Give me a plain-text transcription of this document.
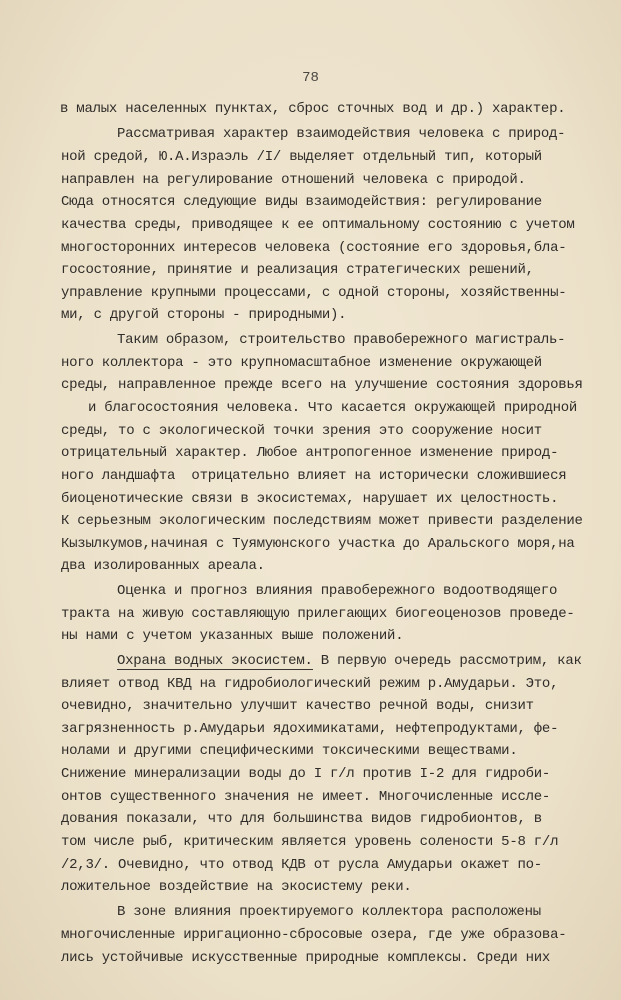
78
в малых населенных пунктах, сброс сточных вод и др.) характер.
Рассматривая характер взаимодействия человека с природ-
ной средой, Ю.А.Израэль /I/ выделяет отдельный тип, который
направлен на регулирование отношений человека с природой.
Сюда относятся следующие виды взаимодействия: регулирование
качества среды, приводящее к ее оптимальному состоянию с учетом
многосторонних интересов человека (состояние его здоровья,бла-
госостояние, принятие и реализация стратегических решений,
управление крупными процессами, с одной стороны, хозяйственны-
ми, с другой стороны - природными).
Таким образом, строительство правобережного магистраль-
ного коллектора - это крупномасштабное изменение окружающей
среды, направленное прежде всего на улучшение состояния здоровья
и благосостояния человека. Что касается окружающей природной
среды, то с экологической точки зрения это сооружение носит
отрицательный характер. Любое антропогенное изменение природ-
ного ландшафта  отрицательно влияет на исторически сложившиеся
биоценотические связи в экосистемах, нарушает их целостность.
К серьезным экологическим последствиям может привести разделение
Кызылкумов,начиная с Туямуюнского участка до Аральского моря,на
два изолированных ареала.
Оценка и прогноз влияния правобережного водоотводящего
тракта на живую составляющую прилегающих биогеоценозов проведе-
ны нами с учетом указанных выше положений.
Охрана водных экосистем. В первую очередь рассмотрим, как
влияет отвод КВД на гидробиологический режим р.Амударьи. Это,
очевидно, значительно улучшит качество речной воды, снизит
загрязненность р.Амударьи ядохимикатами, нефтепродуктами, фе-
нолами и другими специфическими токсическими веществами.
Снижение минерализации воды до I г/л против I-2 для гидроби-
онтов существенного значения не имеет. Многочисленные иссле-
дования показали, что для большинства видов гидробионтов, в
том числе рыб, критическим является уровень солености 5-8 г/л
/2,3/. Очевидно, что отвод КДВ от русла Амударьи окажет по-
ложительное воздействие на экосистему реки.
В зоне влияния проектируемого коллектора расположены
многочисленные ирригационно-сбросовые озера, где уже образова-
лись устойчивые искусственные природные комплексы. Среди них
